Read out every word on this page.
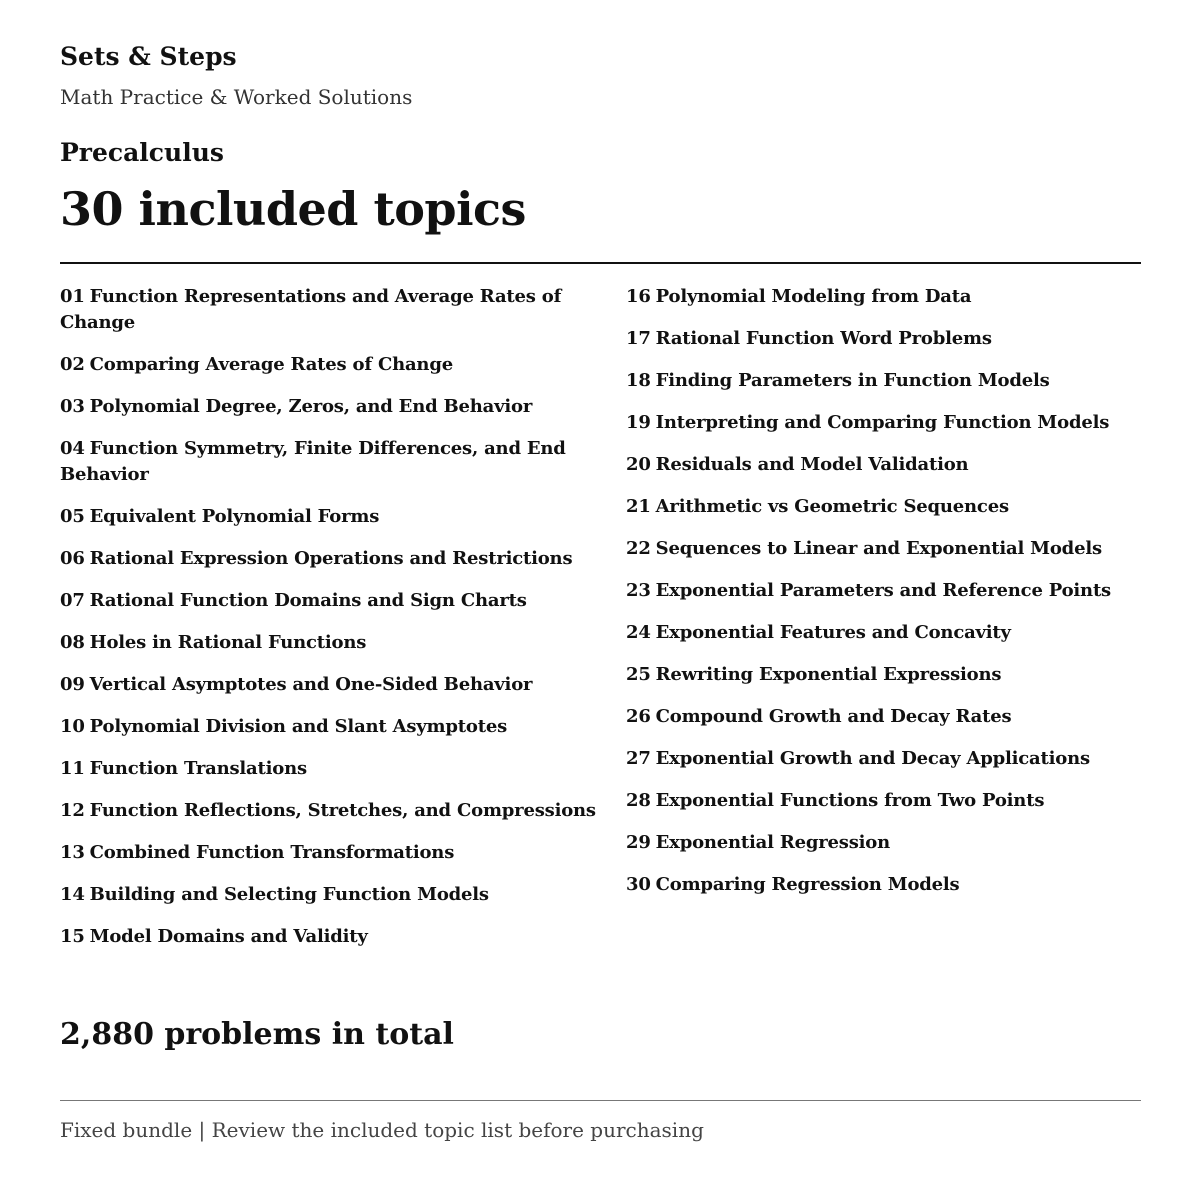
Sets & Steps
Math Practice & Worked Solutions
Precalculus
30 included topics
01 Function Representations and Average Rates of Change
02 Comparing Average Rates of Change
03 Polynomial Degree, Zeros, and End Behavior
04 Function Symmetry, Finite Differences, and End Behavior
05 Equivalent Polynomial Forms
06 Rational Expression Operations and Restrictions
07 Rational Function Domains and Sign Charts
08 Holes in Rational Functions
09 Vertical Asymptotes and One-Sided Behavior
10 Polynomial Division and Slant Asymptotes
11 Function Translations
12 Function Reflections, Stretches, and Compressions
13 Combined Function Transformations
14 Building and Selecting Function Models
15 Model Domains and Validity
16 Polynomial Modeling from Data
17 Rational Function Word Problems
18 Finding Parameters in Function Models
19 Interpreting and Comparing Function Models
20 Residuals and Model Validation
21 Arithmetic vs Geometric Sequences
22 Sequences to Linear and Exponential Models
23 Exponential Parameters and Reference Points
24 Exponential Features and Concavity
25 Rewriting Exponential Expressions
26 Compound Growth and Decay Rates
27 Exponential Growth and Decay Applications
28 Exponential Functions from Two Points
29 Exponential Regression
30 Comparing Regression Models
2,880 problems in total
Fixed bundle | Review the included topic list before purchasing
